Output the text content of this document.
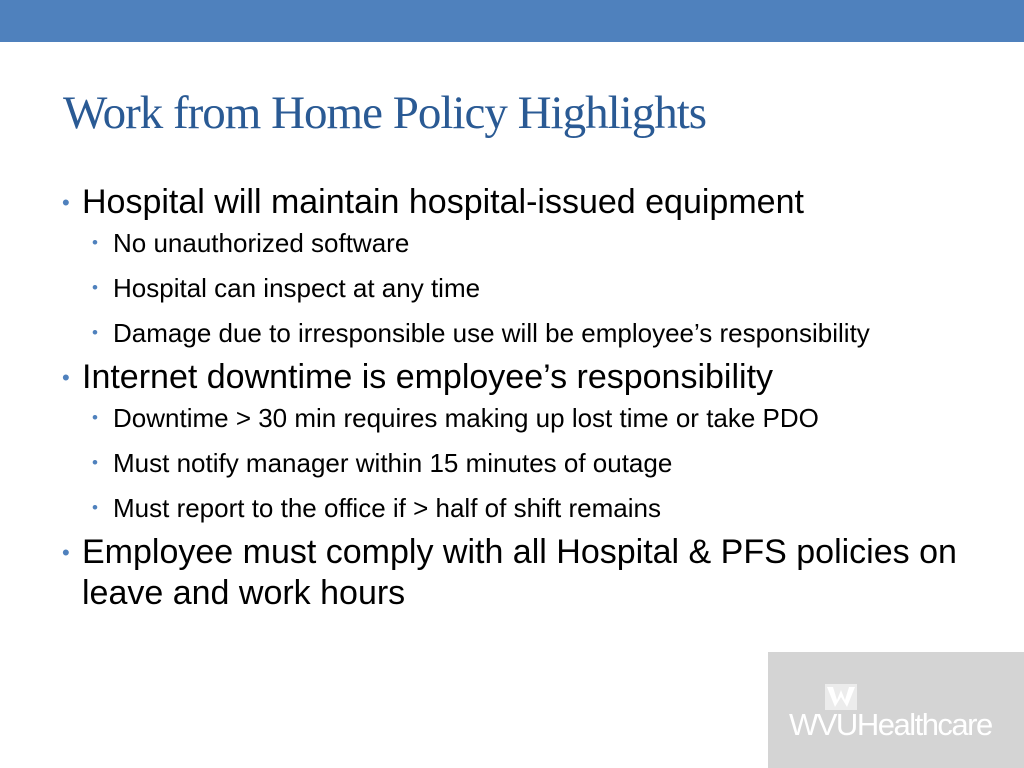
Work from Home Policy Highlights
• Hospital will maintain hospital-issued equipment
• No unauthorized software
• Hospital can inspect at any time
• Damage due to irresponsible use will be employee’s responsibility
• Internet downtime is employee’s responsibility
• Downtime > 30 min requires making up lost time or take PDO
• Must notify manager within 15 minutes of outage
• Must report to the office if > half of shift remains
• Employee must comply with all Hospital & PFS policies on leave and work hours
WVUHealthcare
